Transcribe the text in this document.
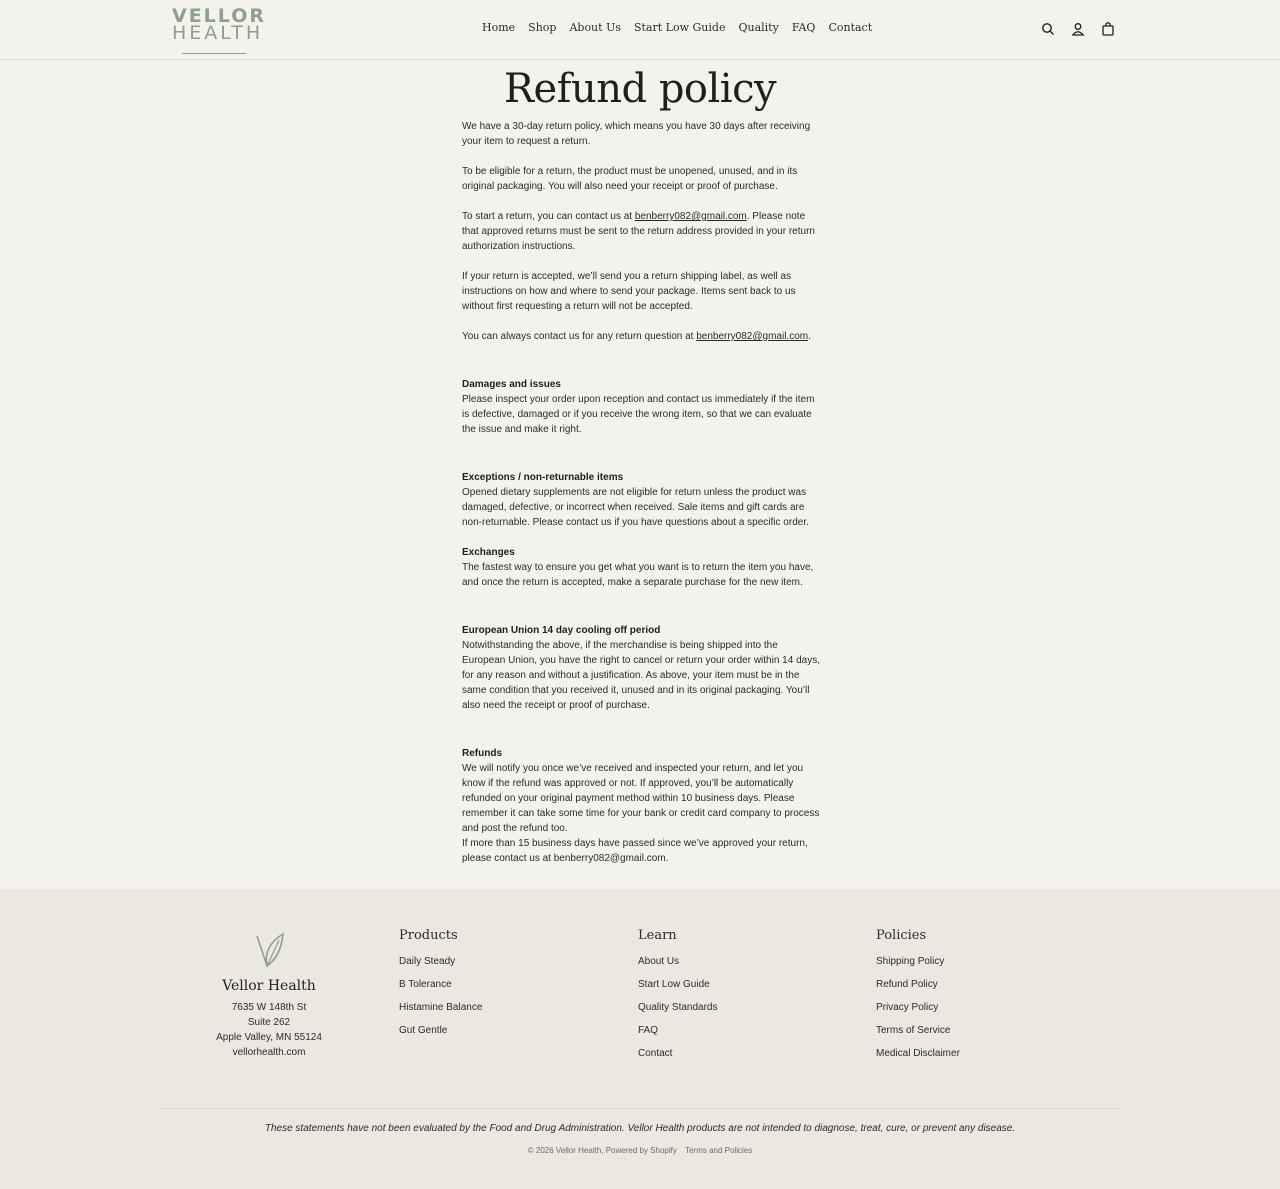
VELLOR
HEALTH	Home Shop About Us Start Low Guide Quality FAQ Contact
Refund policy

We have a 30-day return policy, which means you have 30 days after receiving your item to request a return.

To be eligible for a return, the product must be unopened, unused, and in its original packaging. You will also need your receipt or proof of purchase.

To start a return, you can contact us at benberry082@gmail.com. Please note that approved returns must be sent to the return address provided in your return authorization instructions.

If your return is accepted, we’ll send you a return shipping label, as well as instructions on how and where to send your package. Items sent back to us without first requesting a return will not be accepted.

You can always contact us for any return question at benberry082@gmail.com.

Damages and issues

Please inspect your order upon reception and contact us immediately if the item is defective, damaged or if you receive the wrong item, so that we can evaluate the issue and make it right.

Exceptions / non-returnable items

Opened dietary supplements are not eligible for return unless the product was damaged, defective, or incorrect when received. Sale items and gift cards are non-returnable. Please contact us if you have questions about a specific order.

Exchanges

The fastest way to ensure you get what you want is to return the item you have, and once the return is accepted, make a separate purchase for the new item.

European Union 14 day cooling off period

Notwithstanding the above, if the merchandise is being shipped into the European Union, you have the right to cancel or return your order within 14 days, for any reason and without a justification. As above, your item must be in the same condition that you received it, unused and in its original packaging. You’ll also need the receipt or proof of purchase.

Refunds
We will notify you once we’ve received and inspected your return, and let you know if the refund was approved or not. If approved, you’ll be automatically refunded on your original payment method within 10 business days. Please remember it can take some time for your bank or credit card company to process and post the refund too.
If more than 15 business days have passed since we’ve approved your return, please contact us at benberry082@gmail.com.
Vellor Health
7635 W 148th St
Suite 262
Apple Valley, MN 55124
vellorhealth.com
Products
Daily Steady
B Tolerance
Histamine Balance
Gut Gentle
Learn
About Us
Start Low Guide
Quality Standards
FAQ
Contact
Policies
Shipping Policy
Refund Policy
Privacy Policy
Terms of Service
Medical Disclaimer
These statements have not been evaluated by the Food and Drug Administration. Vellor Health products are not intended to diagnose, treat, cure, or prevent any disease.
© 2026 Vellor Health, Powered by Shopify Terms and Policies
